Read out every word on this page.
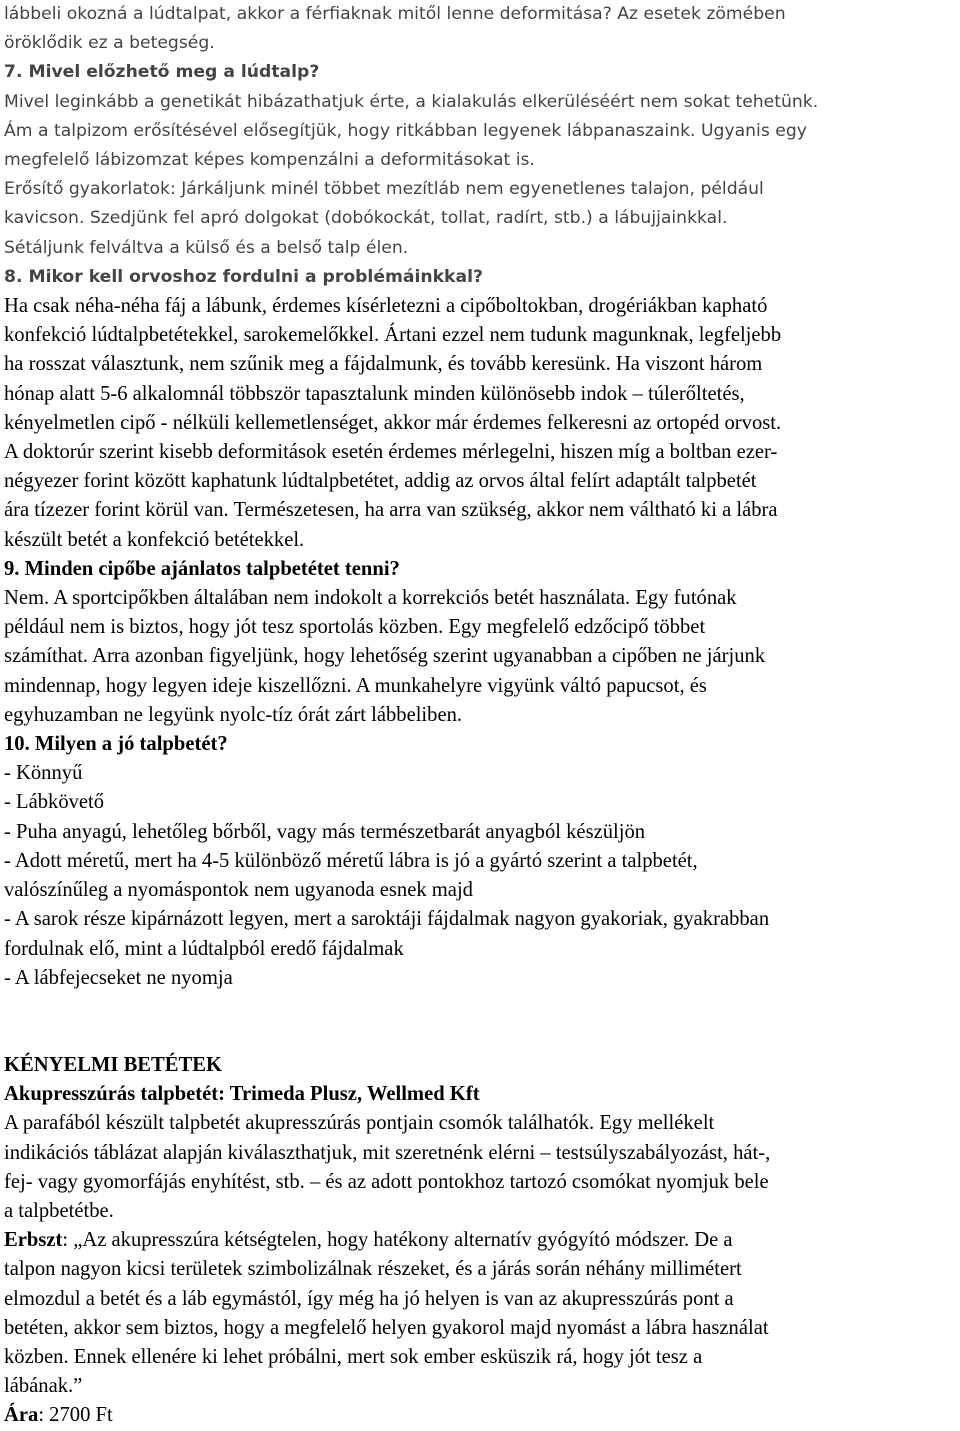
lábbeli okozná a lúdtalpat, akkor a férfiaknak mitől lenne deformitása? Az esetek zömében
öröklődik ez a betegség.
7. Mivel előzhető meg a lúdtalp?
Mivel leginkább a genetikát hibázathatjuk érte, a kialakulás elkerüléséért nem sokat tehetünk.
Ám a talpizom erősítésével elősegítjük, hogy ritkábban legyenek lábpanaszaink. Ugyanis egy
megfelelő lábizomzat képes kompenzálni a deformitásokat is.
Erősítő gyakorlatok: Járkáljunk minél többet mezítláb nem egyenetlenes talajon, például
kavicson. Szedjünk fel apró dolgokat (dobókockát, tollat, radírt, stb.) a lábujjainkkal.
Sétáljunk felváltva a külső és a belső talp élen.
8. Mikor kell orvoshoz fordulni a problémáinkkal?
Ha csak néha-néha fáj a lábunk, érdemes kísérletezni a cipőboltokban, drogériákban kapható
konfekció lúdtalpbetétekkel, sarokemelőkkel. Ártani ezzel nem tudunk magunknak, legfeljebb
ha rosszat választunk, nem szűnik meg a fájdalmunk, és tovább keresünk. Ha viszont három
hónap alatt 5-6 alkalomnál többször tapasztalunk minden különösebb indok – túlerőltetés,
kényelmetlen cipő - nélküli kellemetlenséget, akkor már érdemes felkeresni az ortopéd orvost.
A doktorúr szerint kisebb deformitások esetén érdemes mérlegelni, hiszen míg a boltban ezer-
négyezer forint között kaphatunk lúdtalpbetétet, addig az orvos által felírt adaptált talpbetét
ára tízezer forint körül van. Természetesen, ha arra van szükség, akkor nem váltható ki a lábra
készült betét a konfekció betétekkel.
9. Minden cipőbe ajánlatos talpbetétet tenni?
Nem. A sportcipőkben általában nem indokolt a korrekciós betét használata. Egy futónak
például nem is biztos, hogy jót tesz sportolás közben. Egy megfelelő edzőcipő többet
számíthat. Arra azonban figyeljünk, hogy lehetőség szerint ugyanabban a cipőben ne járjunk
mindennap, hogy legyen ideje kiszellőzni. A munkahelyre vigyünk váltó papucsot, és
egyhuzamban ne legyünk nyolc-tíz órát zárt lábbeliben.
10. Milyen a jó talpbetét?
- Könnyű
- Lábkövető
- Puha anyagú, lehetőleg bőrből, vagy más természetbarát anyagból készüljön
- Adott méretű, mert ha 4-5 különböző méretű lábra is jó a gyártó szerint a talpbetét,
valószínűleg a nyomáspontok nem ugyanoda esnek majd
- A sarok része kipárnázott legyen, mert a saroktáji fájdalmak nagyon gyakoriak, gyakrabban
fordulnak elő, mint a lúdtalpból eredő fájdalmak
- A lábfejecseket ne nyomja
KÉNYELMI BETÉTEK
Akupresszúrás talpbetét: Trimeda Plusz, Wellmed Kft
A parafából készült talpbetét akupresszúrás pontjain csomók találhatók. Egy mellékelt
indikációs táblázat alapján kiválaszthatjuk, mit szeretnénk elérni – testsúlyszabályozást, hát-,
fej- vagy gyomorfájás enyhítést, stb. – és az adott pontokhoz tartozó csomókat nyomjuk bele
a talpbetétbe.
Erbszt: „Az akupresszúra kétségtelen, hogy hatékony alternatív gyógyító módszer. De a
talpon nagyon kicsi területek szimbolizálnak részeket, és a járás során néhány millimétert
elmozdul a betét és a láb egymástól, így még ha jó helyen is van az akupresszúrás pont a
betéten, akkor sem biztos, hogy a megfelelő helyen gyakorol majd nyomást a lábra használat
közben. Ennek ellenére ki lehet próbálni, mert sok ember esküszik rá, hogy jót tesz a
lábának.”
Ára: 2700 Ft
